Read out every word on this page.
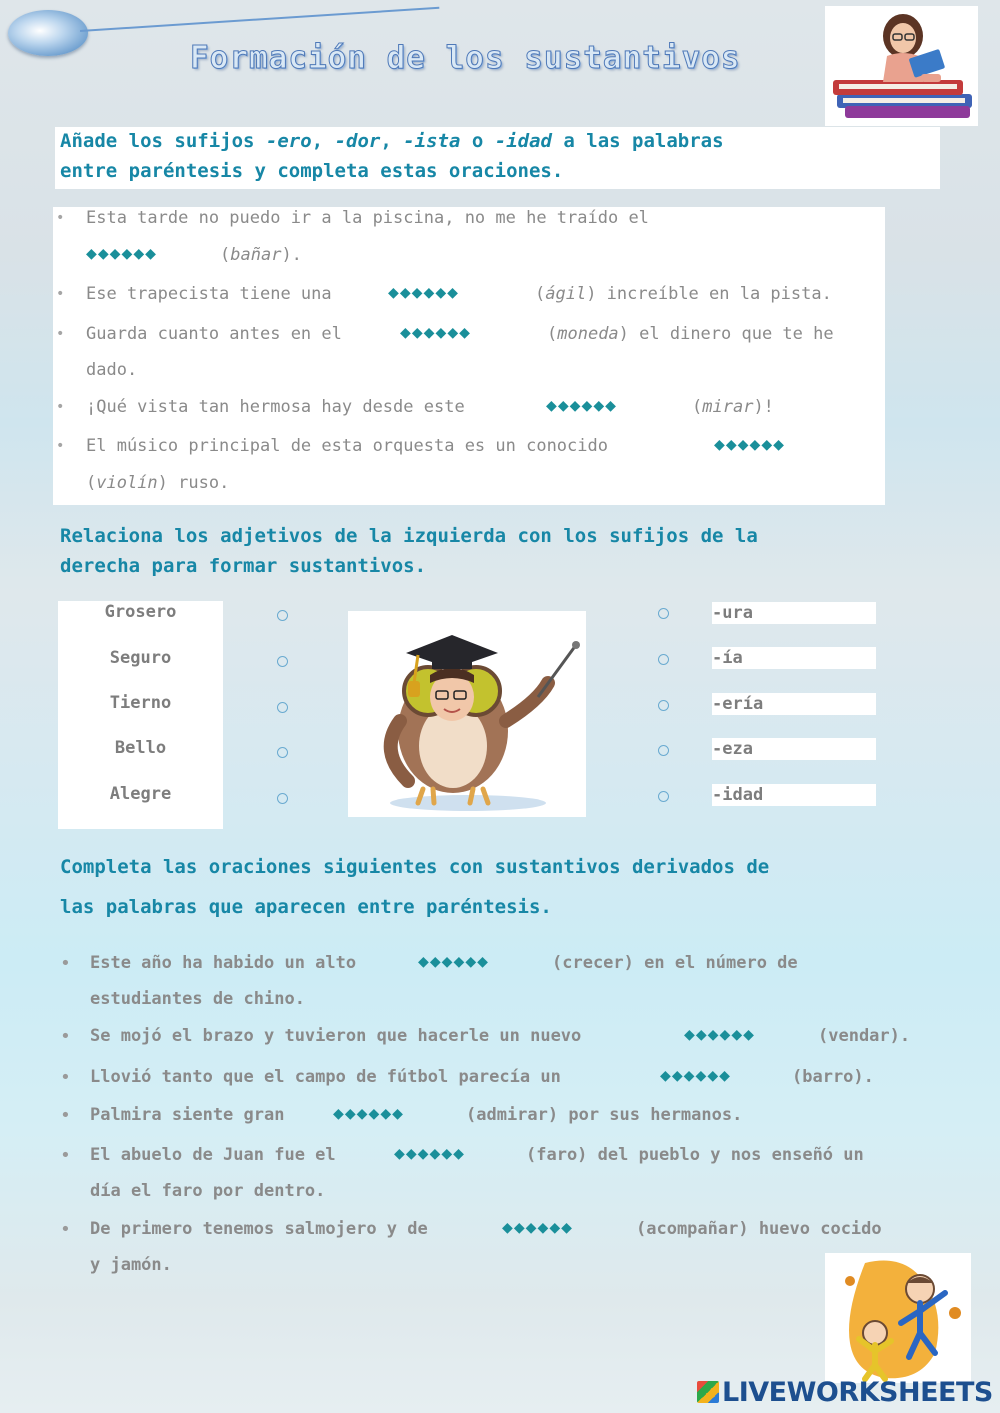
Formación de los sustantivos
Añade los sufijos -ero, -dor, -ista o -idad a las palabras
entre paréntesis y completa estas oraciones.
• Esta tarde no puedo ir a la piscina, no me he traído el
◆◆◆◆◆◆	(bañar).
• Ese trapecista tiene una	◆◆◆◆◆◆	(ágil) increíble en la pista.
• Guarda cuanto antes en el	◆◆◆◆◆◆	(moneda) el dinero que te he
dado.
• ¡Qué vista tan hermosa hay desde este	◆◆◆◆◆◆	(mirar)!
• El músico principal de esta orquesta es un conocido	◆◆◆◆◆◆
(violín) ruso.
Relaciona los adjetivos de la izquierda con los sufijos de la
derecha para formar sustantivos.
Grosero
Seguro
Tierno
Bello
Alegre
-ura
-ía
-ería
-eza
-idad
Completa las oraciones siguientes con sustantivos derivados de
las palabras que aparecen entre paréntesis.
• Este año ha habido un alto	◆◆◆◆◆◆	(crecer) en el número de
estudiantes de chino.
• Se mojó el brazo y tuvieron que hacerle un nuevo	◆◆◆◆◆◆	(vendar).
• Llovió tanto que el campo de fútbol parecía un	◆◆◆◆◆◆	(barro).
• Palmira siente gran	◆◆◆◆◆◆	(admirar) por sus hermanos.
• El abuelo de Juan fue el	◆◆◆◆◆◆	(faro) del pueblo y nos enseñó un
día el faro por dentro.
• De primero tenemos salmojero y de	◆◆◆◆◆◆	(acompañar) huevo cocido
y jamón.
LIVEWORKSHEETS
